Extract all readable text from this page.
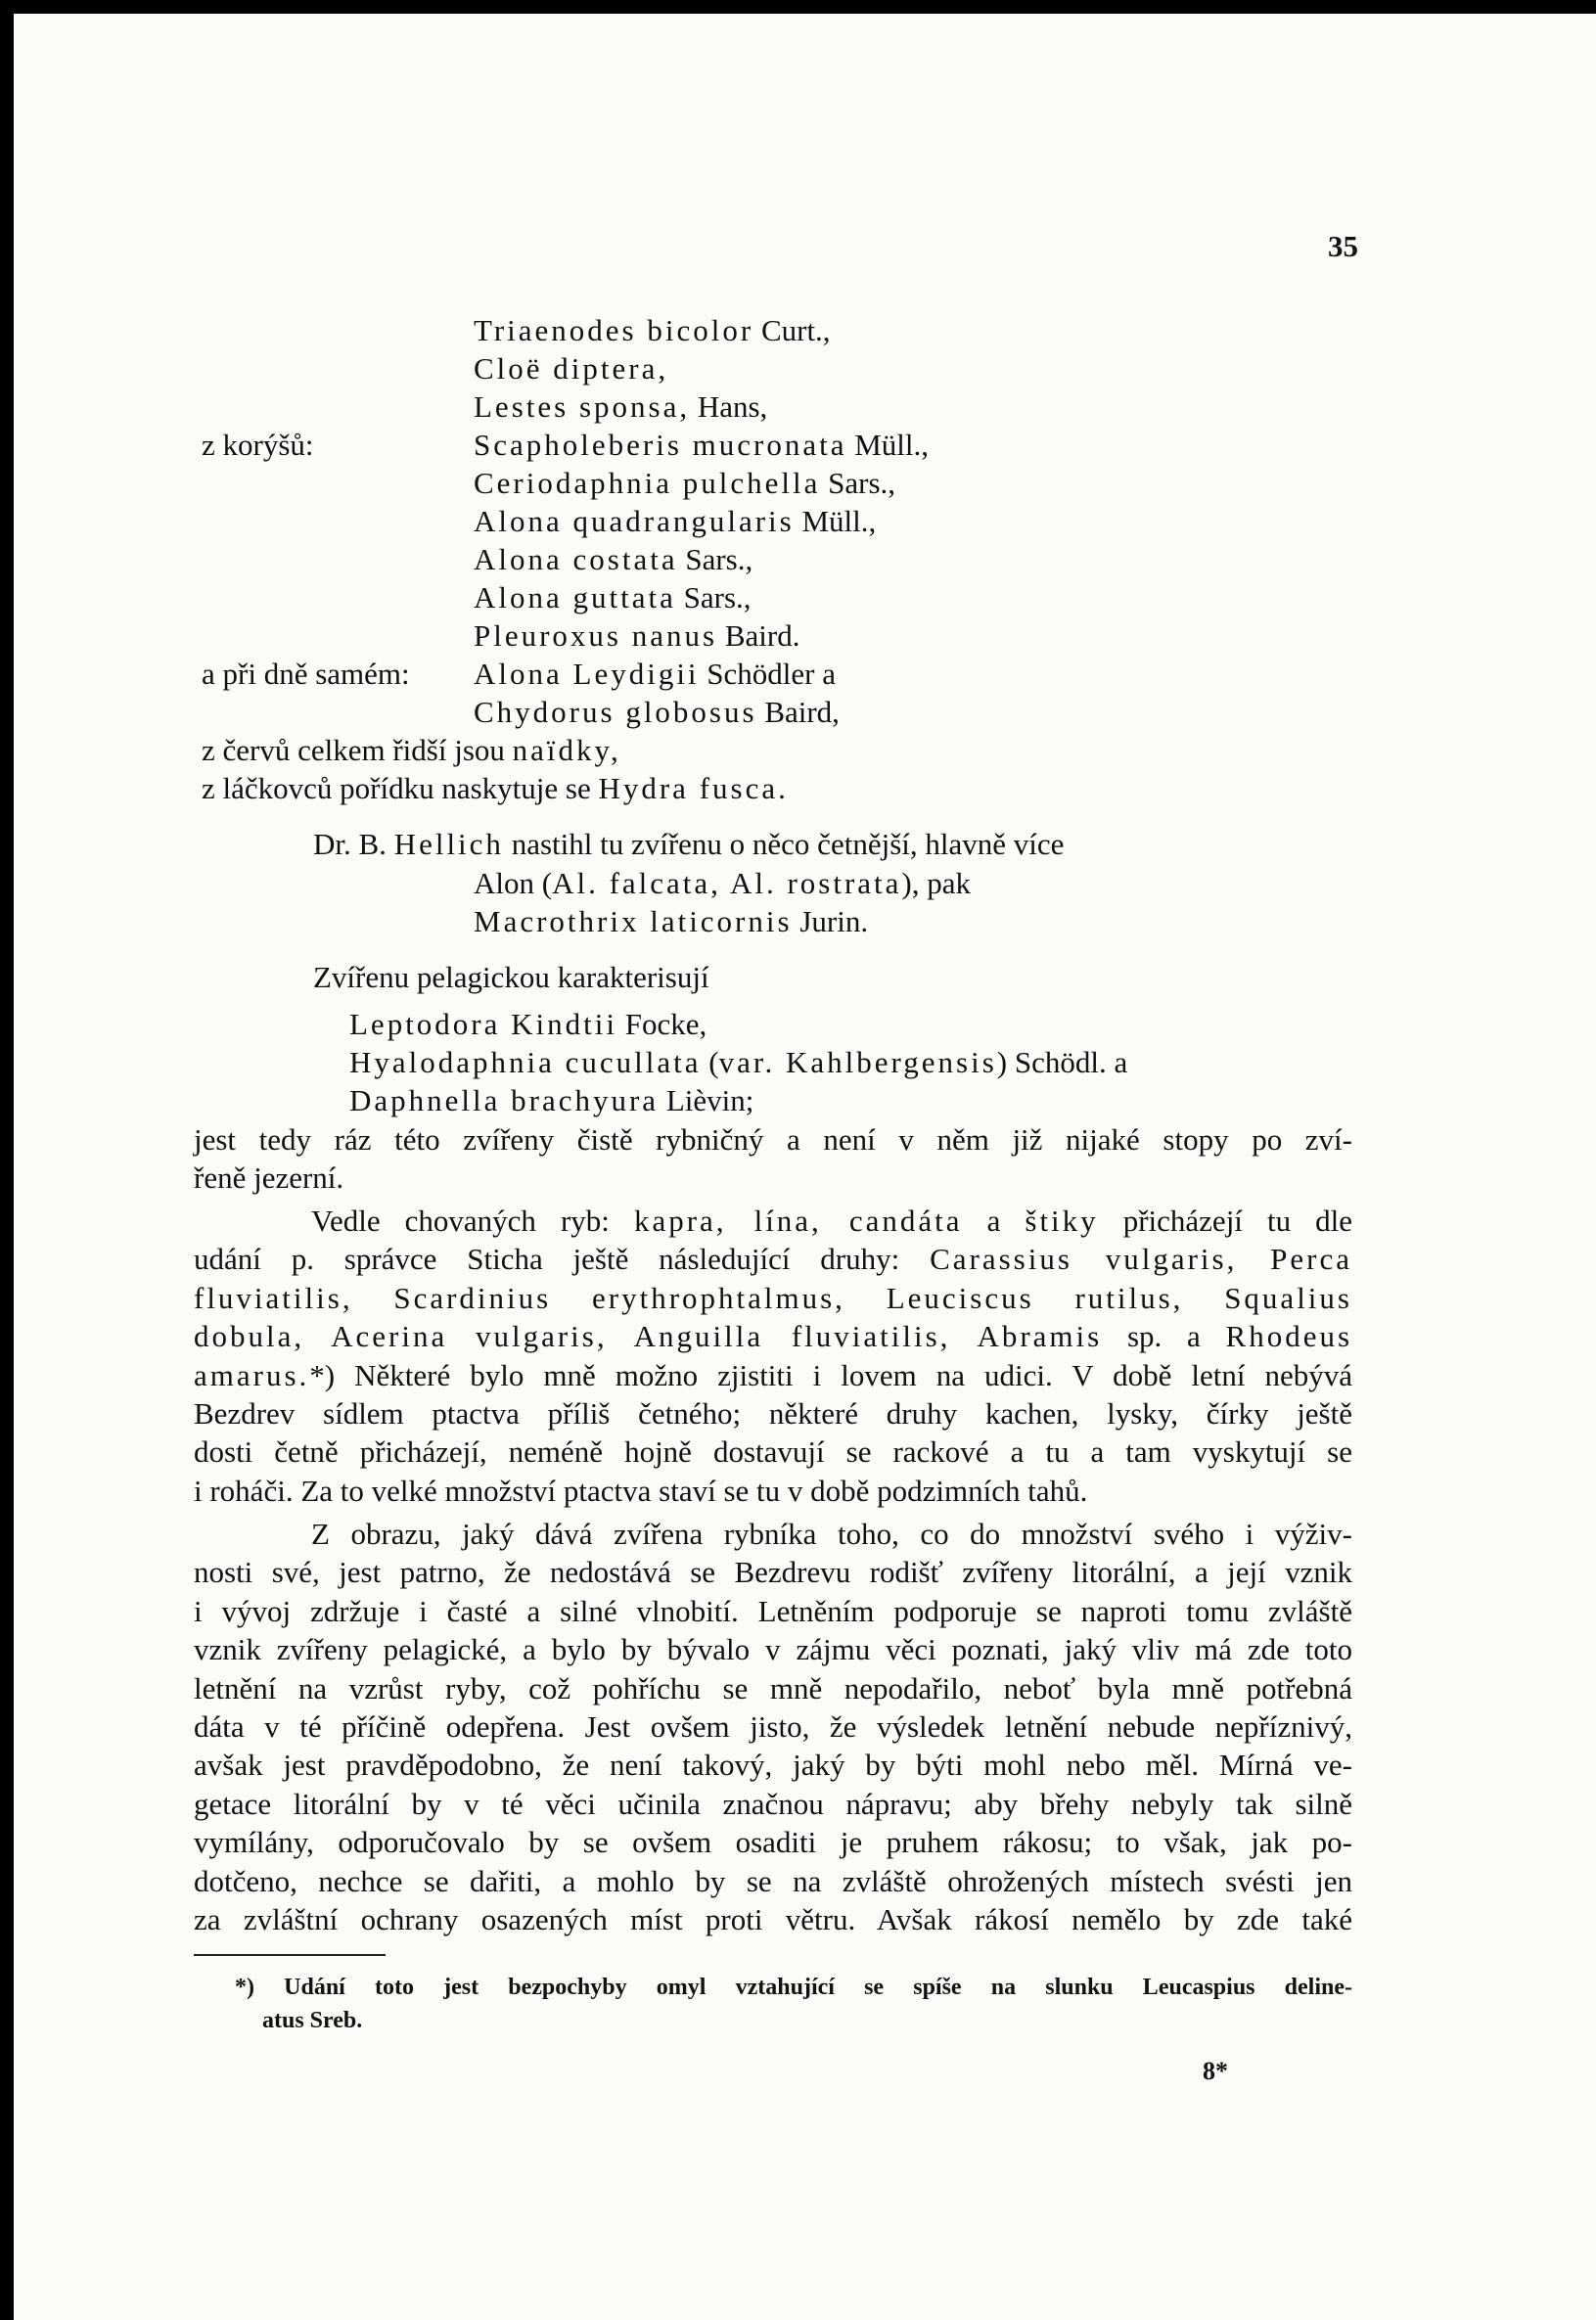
35
z korýšů:
a při dně samém:
Triaenodes bicolor Curt.,
Cloë diptera,
Lestes sponsa, Hans,
Scapholeberis mucronata Müll.,
Ceriodaphnia pulchella Sars.,
Alona quadrangularis Müll.,
Alona costata Sars.,
Alona guttata Sars.,
Pleuroxus nanus Baird.
Alona Leydigii Schödler a
Chydorus globosus Baird,
z červů celkem řidší jsou naïdky,
z láčkovců pořídku naskytuje se Hydra fusca.
Dr. B. Hellich nastihl tu zvířenu o něco četnější, hlavně více
Alon (Al. falcata, Al. rostrata), pak
Macrothrix laticornis Jurin.
Zvířenu pelagickou karakterisují
Leptodora Kindtii Focke,
Hyalodaphnia cucullata (var. Kahlbergensis) Schödl. a
Daphnella brachyura Lièvin;
jest tedy ráz této zvířeny čistě rybničný a není v něm již nijaké stopy po zví-
řeně jezerní.
Vedle chovaných ryb: kapra, lína, candáta a štiky přicházejí tu dle
udání p. správce Sticha ještě následující druhy: Carassius vulgaris, Perca
fluviatilis, Scardinius erythrophtalmus, Leuciscus rutilus, Squalius
dobula, Acerina vulgaris, Anguilla fluviatilis, Abramis sp. a Rhodeus
amarus.*) Některé bylo mně možno zjistiti i lovem na udici. V době letní nebývá
Bezdrev sídlem ptactva příliš četného; některé druhy kachen, lysky, čírky ještě
dosti četně přicházejí, neméně hojně dostavují se rackové a tu a tam vyskytují se
i roháči. Za to velké množství ptactva staví se tu v době podzimních tahů.
Z obrazu, jaký dává zvířena rybníka toho, co do množství svého i výživ-
nosti své, jest patrno, že nedostává se Bezdrevu rodišť zvířeny litorální, a její vznik
i vývoj zdržuje i časté a silné vlnobití. Letněním podporuje se naproti tomu zvláště
vznik zvířeny pelagické, a bylo by bývalo v zájmu věci poznati, jaký vliv má zde toto
letnění na vzrůst ryby, což pohříchu se mně nepodařilo, neboť byla mně potřebná
dáta v té příčině odepřena. Jest ovšem jisto, že výsledek letnění nebude nepříznivý,
avšak jest pravděpodobno, že není takový, jaký by býti mohl nebo měl. Mírná ve-
getace litorální by v té věci učinila značnou nápravu; aby břehy nebyly tak silně
vymílány, odporučovalo by se ovšem osaditi je pruhem rákosu; to však, jak po-
dotčeno, nechce se dařiti, a mohlo by se na zvláště ohrožených místech svésti jen
za zvláštní ochrany osazených míst proti větru. Avšak rákosí nemělo by zde také
*) Udání toto jest bezpochyby omyl vztahující se spíše na slunku Leucaspius deline-
atus Sreb.
8*
